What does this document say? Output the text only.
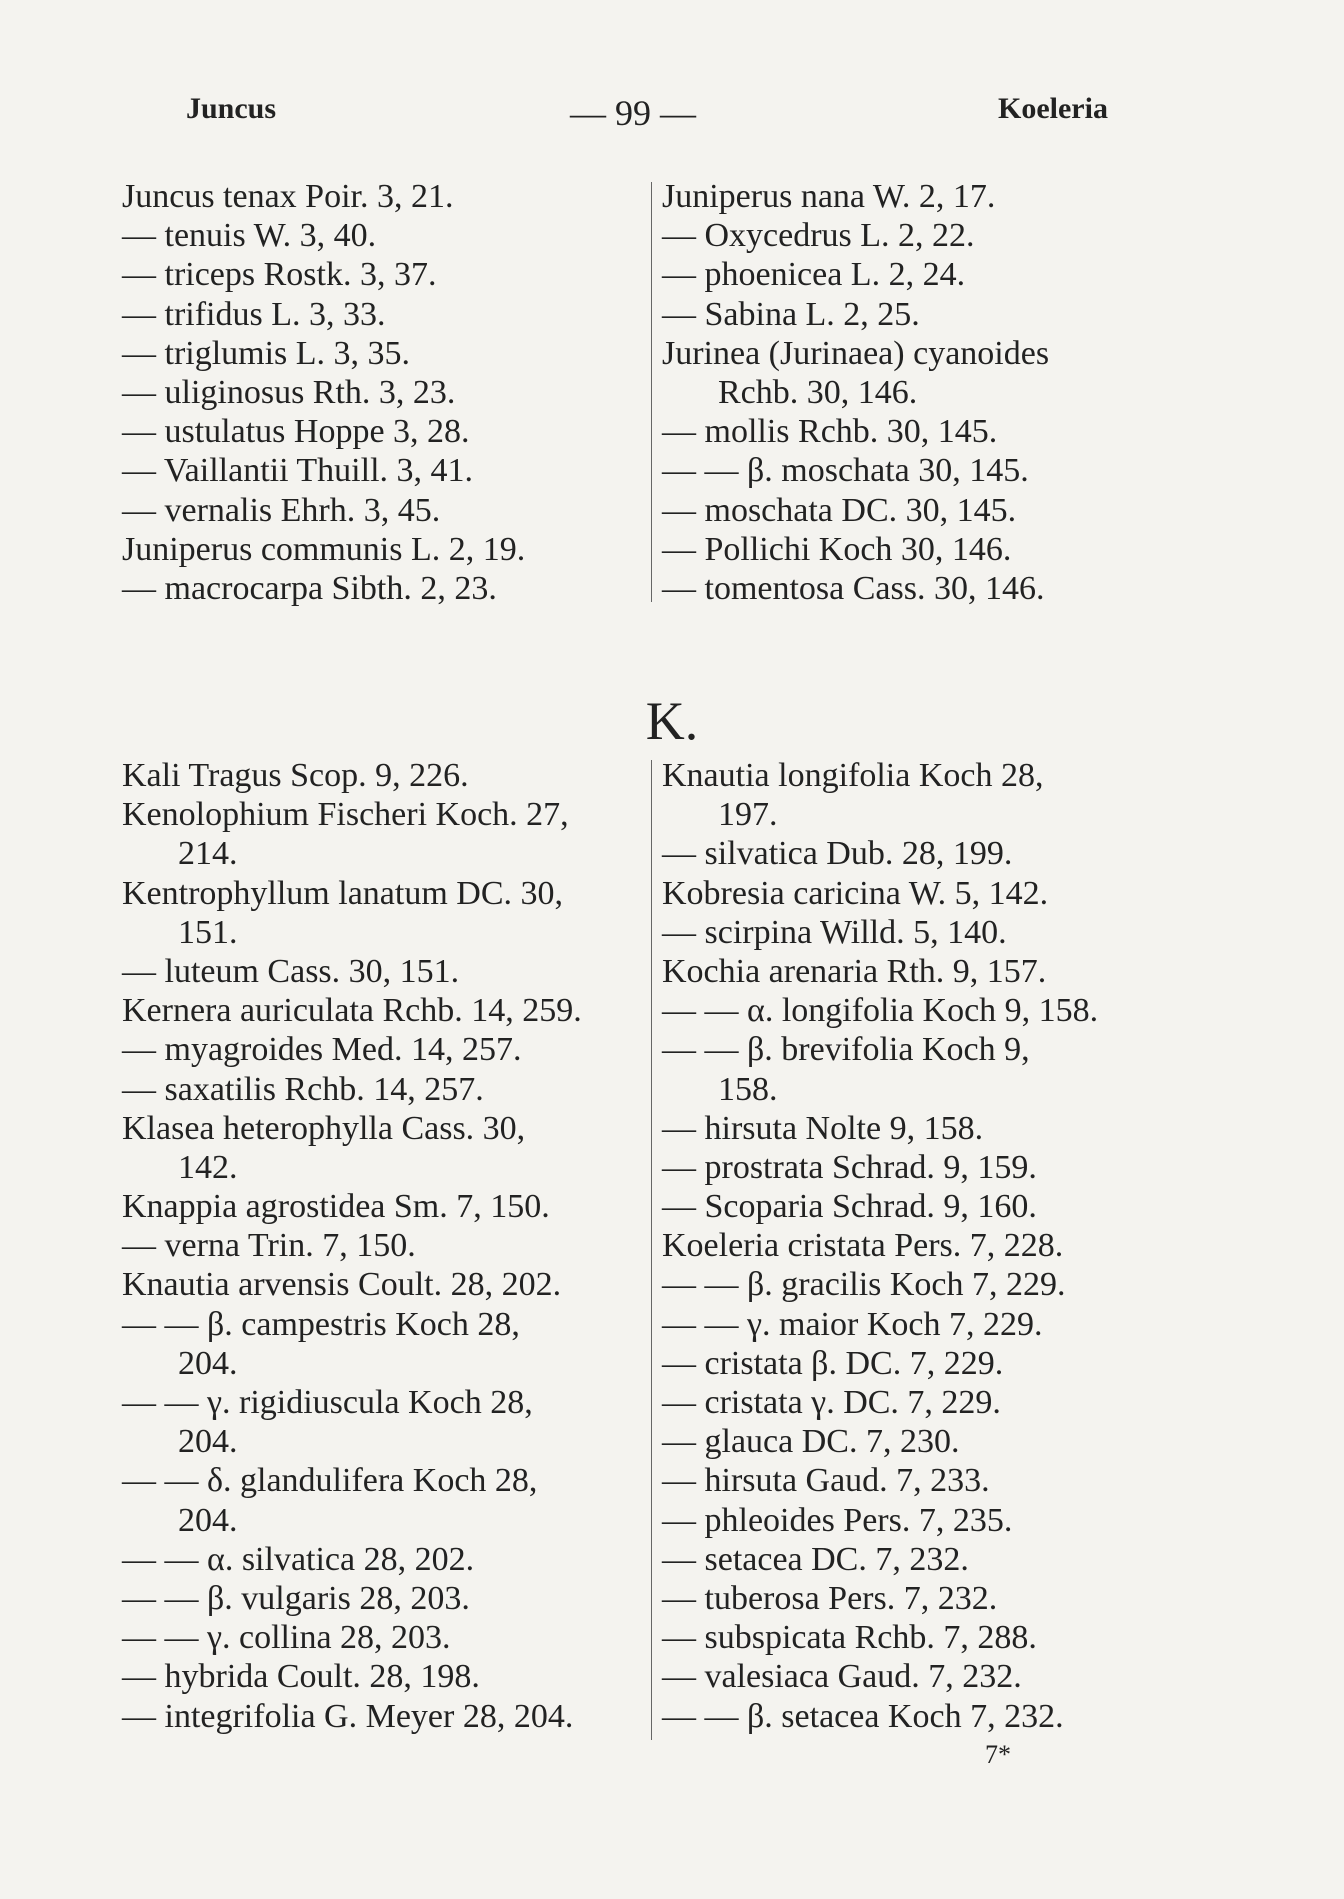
Juncus	— 99 —	Koeleria
Juncus tenax Poir. 3, 21.
— tenuis W. 3, 40.
— triceps Rostk. 3, 37.
— trifidus L. 3, 33.
— triglumis L. 3, 35.
— uliginosus Rth. 3, 23.
— ustulatus Hoppe 3, 28.
— Vaillantii Thuill. 3, 41.
— vernalis Ehrh. 3, 45.
Juniperus communis L. 2, 19.
— macrocarpa Sibth. 2, 23.
Juniperus nana W. 2, 17.
— Oxycedrus L. 2, 22.
— phoenicea L. 2, 24.
— Sabina L. 2, 25.
Jurinea (Jurinaea) cyanoides
Rchb. 30, 146.
— mollis Rchb. 30, 145.
— — β. moschata 30, 145.
— moschata DC. 30, 145.
— Pollichi Koch 30, 146.
— tomentosa Cass. 30, 146.
K.
Kali Tragus Scop. 9, 226.
Kenolophium Fischeri Koch. 27,
214.
Kentrophyllum lanatum DC. 30,
151.
— luteum Cass. 30, 151.
Kernera auriculata Rchb. 14, 259.
— myagroides Med. 14, 257.
— saxatilis Rchb. 14, 257.
Klasea heterophylla Cass. 30,
142.
Knappia agrostidea Sm. 7, 150.
— verna Trin. 7, 150.
Knautia arvensis Coult. 28, 202.
— — β. campestris Koch 28,
204.
— — γ. rigidiuscula Koch 28,
204.
— — δ. glandulifera Koch 28,
204.
— — α. silvatica 28, 202.
— — β. vulgaris 28, 203.
— — γ. collina 28, 203.
— hybrida Coult. 28, 198.
— integrifolia G. Meyer 28, 204.
Knautia longifolia Koch 28,
197.
— silvatica Dub. 28, 199.
Kobresia caricina W. 5, 142.
— scirpina Willd. 5, 140.
Kochia arenaria Rth. 9, 157.
— — α. longifolia Koch 9, 158.
— — β. brevifolia Koch 9,
158.
— hirsuta Nolte 9, 158.
— prostrata Schrad. 9, 159.
— Scoparia Schrad. 9, 160.
Koeleria cristata Pers. 7, 228.
— — β. gracilis Koch 7, 229.
— — γ. maior Koch 7, 229.
— cristata β. DC. 7, 229.
— cristata γ. DC. 7, 229.
— glauca DC. 7, 230.
— hirsuta Gaud. 7, 233.
— phleoides Pers. 7, 235.
— setacea DC. 7, 232.
— tuberosa Pers. 7, 232.
— subspicata Rchb. 7, 288.
— valesiaca Gaud. 7, 232.
— — β. setacea Koch 7, 232.
7*
